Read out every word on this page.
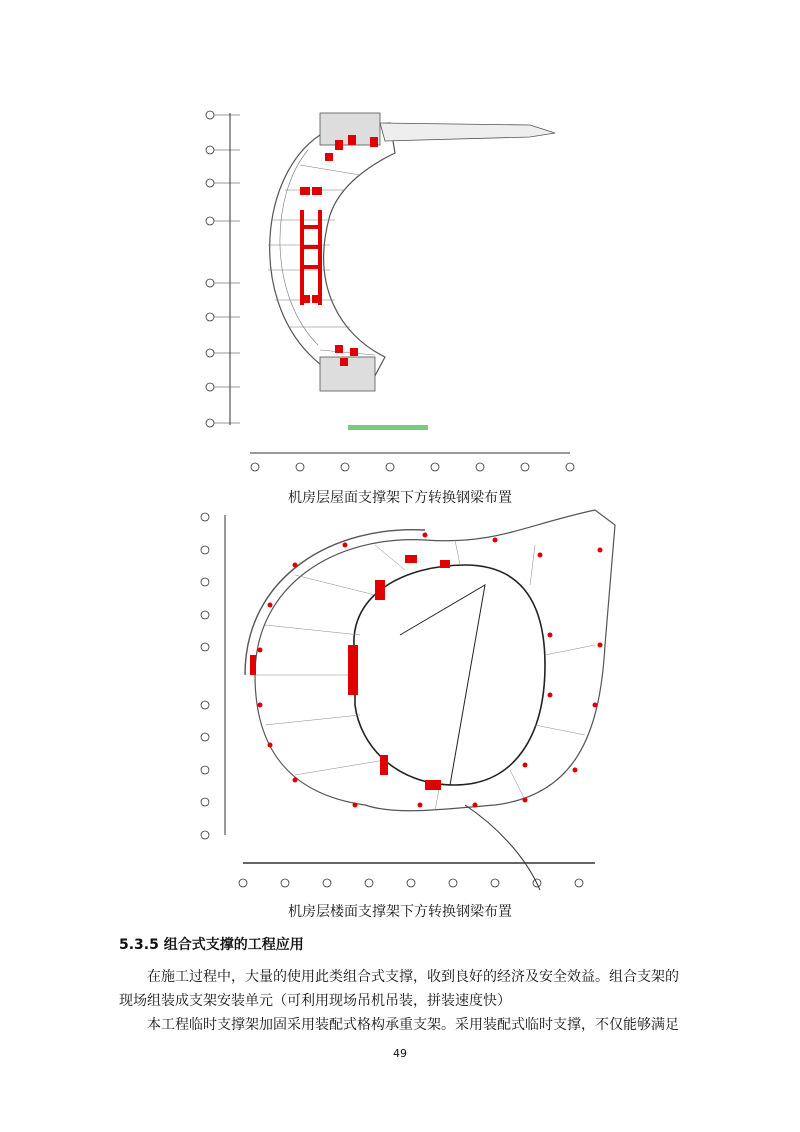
机房层屋面支撑架下方转换钢梁布置
机房层楼面支撑架下方转换钢梁布置
5.3.5 组合式支撑的工程应用
在施工过程中，大量的使用此类组合式支撑，收到良好的经济及安全效益。组合支架的现场组装成支架安装单元（可利用现场吊机吊装，拼装速度快）
本工程临时支撑架加固采用装配式格构承重支架。采用装配式临时支撑，不仅能够满足
49
